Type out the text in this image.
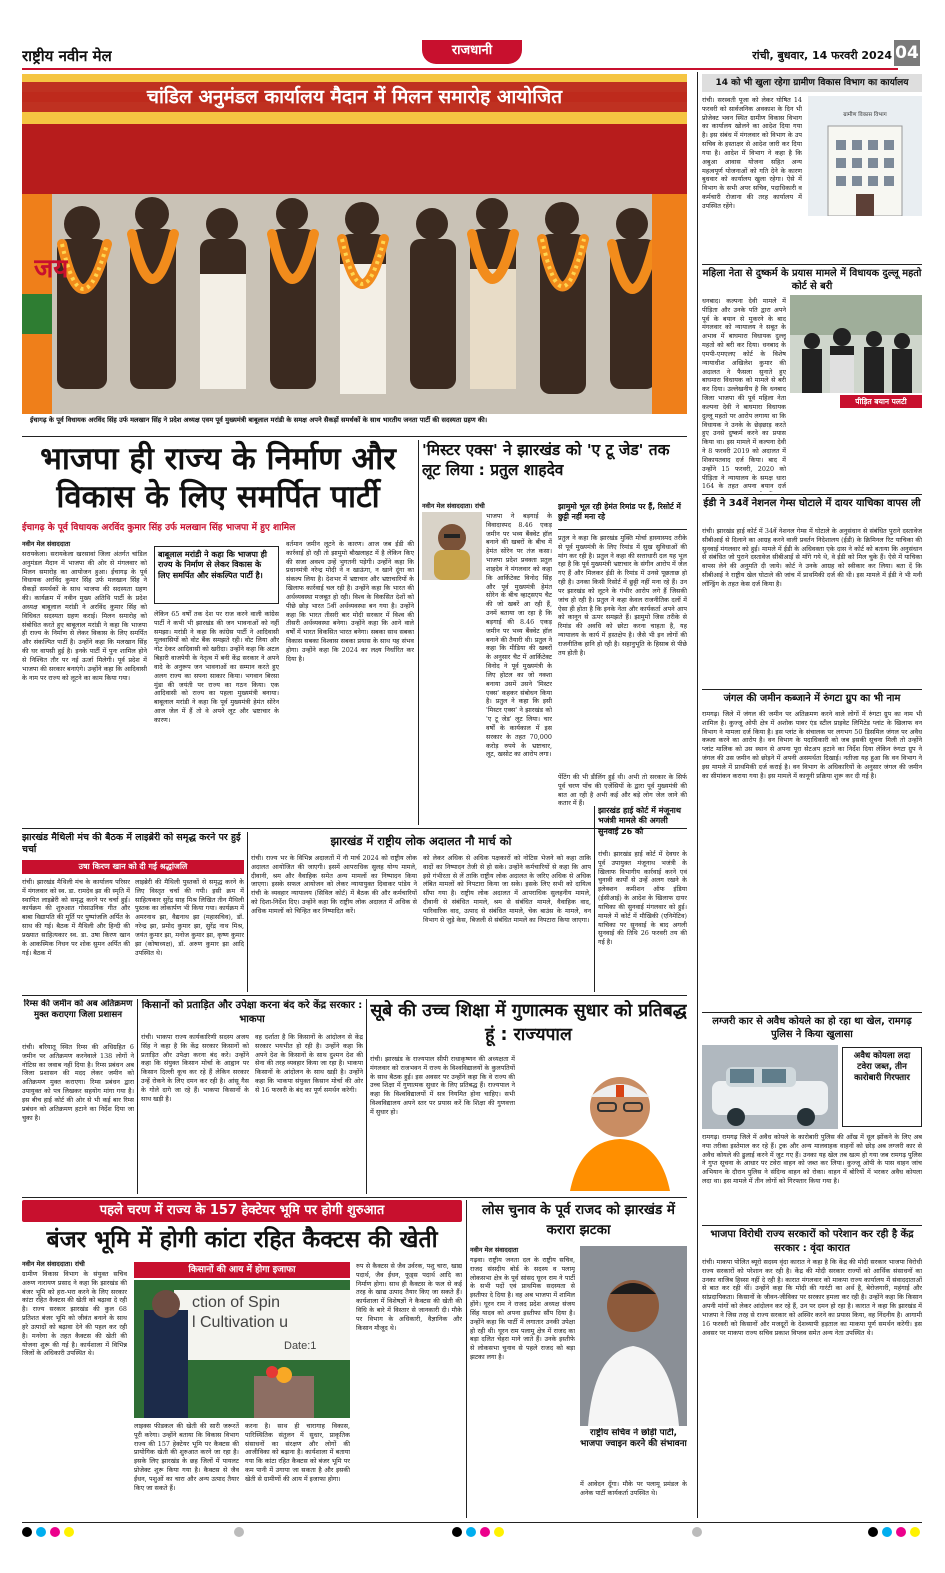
राष्ट्रीय नवीन मेल	राजधानी	रांची, बुधवार, 14 फरवरी 2024 04
जय
चांडिल अनुमंडल कार्यालय मैदान में मिलन समारोह आयोजित
ईचागढ़ के पूर्व विधायक अरविंद सिंह उर्फ मलखान सिंह ने प्रदेश अध्यक्ष एवम पूर्व मुख्यमंत्री बाबूलाल मरांडी के समक्ष अपने सैकड़ों समर्थकों के साथ भारतीय जनता पार्टी की सदस्यता ग्रहण की।
भाजपा ही राज्य के निर्माण और
विकास के लिए समर्पित पार्टी
ईचागढ़ के पूर्व विधायक अरविंद कुमार सिंह उर्फ मलखान सिंह भाजपा में हुए शामिल
नवीन मेल संवाददाता
सरायकेला। सरायकेला खरसावां जिला अंतर्गत चांडिल अनुमंडल मैदान में भाजपा की ओर से मंगलवार को मिलन समारोह का आयोजन हुआ। ईचागढ़ के पूर्व विधायक अरविंद कुमार सिंह उर्फ मलखान सिंह ने सैकड़ों समर्थकों के साथ भाजपा की सदस्यता ग्रहण की। कार्यक्रम में नवीन मुख्य अतिथि पार्टी के प्रदेश अध्यक्ष बाबूलाल मरांडी ने अरविंद कुमार सिंह को विधिवत सदस्यता ग्रहण कराई। मिलन समारोह को संबोधित करते हुए बाबूलाल मरांडी ने कहा कि भाजपा ही राज्य के निर्माण से लेकर विकास के लिए समर्पित और संकल्पित पार्टी है। उन्होंने कहा कि मलखान सिंह की घर वापसी हुई है। इनके पार्टी में पुनः शामिल होने से निश्चित तौर पर नई ऊर्जा मिलेगी। पूर्व प्रदेश में भाजपा की सरकार बनाएंगे। उन्होंने कहा कि आदिवासी के नाम पर राज्य को लूटने का काम किया गया।
बाबूलाल मरांडी ने कहा कि भाजपा ही राज्य के निर्माण से लेकर विकास के लिए समर्पित और संकल्पित पार्टी है।
लेकिन 65 वर्षों तक देश पर राज करने वाली कांग्रेस पार्टी ने कभी भी झारखंड की जन भावनाओं को नहीं समझा। मरांडी ने कहा कि कांग्रेस पार्टी ने आदिवासी मूलवासियों को वोट बैंक समझते रही। वोट लिया और नोट देकर आदिवासी को खरीदा। उन्होंने कहा कि अटल बिहारी वाजपेयी के नेतृत्व में बनी केंद्र सरकार ने अपने वादे के अनुरूप जन भावनाओं का सम्मान करते हुए अलग राज्य का सपना साकार किया। भगवान बिरसा मुंडा की जयंती पर राज्य का गठन किया। एक आदिवासी को राज्य का पहला मुख्यमंत्री बनाया। बाबूलाल मरांडी ने कहा कि पूर्व मुख्यमंत्री हेमंत सोरेन आज जेल में हैं तो वे अपने लूट और भ्रष्टाचार के कारण।
वर्तमान जमीन लूटने के कारण। आज जब ईडी की कार्रवाई हो रही तो झामुमो बौखलाहट में है लेकिन किए की सजा अवश्य उन्हें भुगतनी पड़ेगी। उन्होंने कहा कि प्रधानमंत्री नरेन्द्र मोदी ने न खाऊंगा, न खाने दूंगा का संकल्प लिया है। देशभर में भ्रष्टाचार और भ्रष्टाचारियों के खिलाफ कार्रवाई चल रही है। उन्होंने कहा कि भारत की अर्थव्यवस्था मजबूत हो रही। विश्व के विकसित देशों को पीछे छोड़ भारत 5वीं अर्थव्यवस्था बन गया है। उन्होंने कहा कि भारत तीसरी बार मोदी सरकार में विश्व की तीसरी अर्थव्यवस्था बनेगा। उन्होंने कहा कि आने वाले वर्षों में भारत विकसित भारत बनेगा। सबका साथ सबका विकास सबका विश्वास सबका प्रयास के साथ यह संभव होगा। उन्होंने कहा कि 2024 का लक्ष्य निर्धारित कर दिया है।
'मिस्टर एक्स' ने झारखंड को 'ए टू जेड' तक लूट लिया : प्रतुल शाहदेव
नवीन मेल संवाददाता। रांची
भाजपा ने बड़गाई के विवादास्पद 8.46 एकड़ जमीन पर भव्य बैंक्वेट हॉल बनाने की खबरों के बीच में हेमंत सोरेन पर तंज कसा। भाजपा प्रदेश प्रवक्ता प्रतुल शाहदेव ने मंगलवार को कहा कि आर्किटेक्ट विनोद सिंह और पूर्व मुख्यमंत्री हेमंत सोरेन के बीच व्हाट्सएप चैट की जो खबरें आ रही हैं, उनमें बताया जा रहा है कि बड़गाई की 8.46 एकड़ जमीन पर भव्य बैंक्वेट हॉल बनाने की तैयारी थी। प्रतुल ने कहा कि मीडिया की खबरों के अनुसार चैट में आर्किटेक्ट विनोद ने पूर्व मुख्यमंत्री के लिए होटल का जो नक्शा बनाया उसमें उसने 'मिस्टर एक्स' कहकर संबोधन किया है। प्रतुल ने कहा कि इसी 'मिस्टर एक्स' ने झारखंड को 'ए टू जेड' लूट लिया। चार वर्षों के कार्यकाल में इस सरकार के तहत 70,000 करोड़ रुपये के भ्रष्टाचार, लूट, खसोट का आरोप लगा।
झामुमो भूल रही हेमंत रिमांड पर हैं, रिसोर्ट में छुट्टी नहीं मना रहे
प्रतुल ने कहा कि झारखंड मुक्ति मोर्चा हास्यास्पद तरीके से पूर्व मुख्यमंत्री के लिए रिमांड में सुख सुविधाओं की मांग कर रही है। प्रतुल ने कहा की सत्ताधारी दल यह भूल रहा है कि पूर्व मुख्यमंत्री भ्रष्टाचार के संगीन आरोप में जेल गए हैं और मिलकर ईडी के रिमांड में उनसे पूछताछ हो रही है। उनका किसी रिसोर्ट में छुट्टी नहीं मना रहे हैं। उन पर झारखंड को लूटने के गंभीर आरोप लगे हैं जिसकी जांच हो रही है। प्रतुल ने कहा केवल राजनीतिक दलों में ऐसा ही होता है कि इनके नेता और कार्यकर्ता अपने आप को कानून से ऊपर समझते हैं। झामुमो जिस तरीके से रिमांड की अवधि को छोटा करना चाहता है, यह न्यायालय के कार्य में हस्तक्षेप है। जैसे भी इन लोगों की राजनीतिक हानि हो रही है। सहानुभूति के हिसाब से पीछे तय होती है।
पेंटिंग की भी डीलिंग हुई थी। अभी तो सरकार के सिर्फ पूर्व चरण पाँच की एजेंसियों के द्वारा पूर्व मुख्यमंत्री की बात आ रही है अभी कई और बड़े लोग जेल जाने की कतार में हैं।
झारखंड मैथिली मंच की बैठक में लाइब्रेरी को समृद्ध करने पर हुई चर्चा
उषा किरण खान को दी गई श्रद्धांजलि
रांची। झारखंड मैथिली मंच के कार्यालय परिसर में मंगलवार को स्व. डा. रामदेव झा की स्मृति में स्थापित लाइब्रेरी को समृद्ध करने पर चर्चा हुई। कार्यक्रम की शुरुआत गोसाउनिक गीत और बाबा विद्यापति की मूर्ति पर पुष्पांजलि अर्पित के साथ की गई। बैठक में मैथिली और हिन्दी की प्रख्यात साहित्यकार स्व. डा. उषा किरण खान के आकस्मिक निधन पर शोक सुमन अर्पित की गई। बैठक में
लाइब्रेरी की मैथिली पुस्तकों से समृद्ध करने के लिए विस्तृत चर्चा की गयी। इसी क्रम में साहित्यकार सुरेंद्र साह मिश्र लिखित तीन मैथिली पुस्तक का लोकार्पण भी किया गया। कार्यक्रम में अमरनाथ झा, वैद्यनाथ झा (महासचिव), डॉ. नरेन्द्र झा, प्रमोद कुमार झा, सुरेंद्र नाथ मिश्र, जयंत कुमार झा, मनोज कुमार झा, कृष्ण कुमार झा (कोषाध्यक्ष), डॉ. अरुण कुमार झा आदि उपस्थित थे।
झारखंड में राष्ट्रीय लोक अदालत नौ मार्च को
रांची। राज्य भर के विभिन्न अदालतों में नौ मार्च 2024 को राष्ट्रीय लोक अदालत आयोजित की जाएगी। इसमें आपराधिक सुलह योग्य मामले, दीवानी, श्रम और वैवाहिक समेत अन्य मामलों का निष्पादन किया जाएगा। इसके सफल आयोजन को लेकर न्यायायुक्त दिवाकर पांडेय ने रांची के व्यवहार न्यायालय (सिविल कोर्ट) में बैठक की और कर्मचारियों को दिशा-निर्देश दिए। उन्होंने कहा कि राष्ट्रीय लोक अदालत में अधिक से अधिक मामलों को चिन्हित कर निष्पादित करें।
को लेकर अधिक से अधिक पक्षकारों को नोटिस भेजने को कहा ताकि वादों का निष्पादन तेजी से हो सके। उन्होंने कर्मचारियों से कहा कि आप इसे गंभीरता से लें ताकि राष्ट्रीय लोक अदालत के जरिए अधिक से अधिक लंबित मामलों को निपटारा किया जा सके। इसके लिए सभी को दायित्व सौंपा गया है। राष्ट्रीय लोक अदालत में आपराधिक सुलहनीय मामले, दीवानी से संबंधित मामले, श्रम से संबंधित मामले, वैवाहिक वाद, पारिवारिक वाद, उत्पाद से संबंधित मामले, चेक बाउंस के मामले, वन विभाग से जुड़े केस, बिजली से संबंधित मामले का निपटारा किया जाएगा।
झारखंड हाई कोर्ट में मंजूनाथ भजंत्री मामले की अगली सुनवाई 26 को
रांची। झारखंड हाई कोर्ट में देवघर के पूर्व उपायुक्त मंजूनाथ भजंत्री के खिलाफ विभागीय कार्रवाई करने एवं चुनावी कार्यों से उन्हें अलग रखने के इलेक्शन कमीशन ऑफ इंडिया (ईसीआई) के आदेश के खिलाफ दायर याचिका की सुनवाई मंगलवार को हुई। मामले में कोर्ट में मौखिकी (एनिमेटिव) याचिका पर सुनवाई के बाद अगली सुनवाई की तिथि 26 फरवरी तय की गई है।
रिम्स की जमीन को अब अतिक्रमण मुक्त कराएगा जिला प्रशासन
रांची। बरियातू स्थित रिम्स की अधिग्रहित 6 जमीन पर अतिक्रमण करनेवाले 138 लोगों ने नोटिस का जवाब नहीं दिया है। रिम्स प्रबंधन अब जिला प्रशासन की मदद लेकर जमीन को अतिक्रमण मुक्त कराएगा। रिम्स प्रबंधन द्वारा उपायुक्त को पत्र लिखकर सहयोग मांगा गया है। इस बीच हाई कोर्ट की ओर से भी कई बार रिम्स प्रबंधन को अतिक्रमण हटाने का निर्देश दिया जा चुका है।
किसानों को प्रताड़ित और उपेक्षा करना बंद करे केंद्र सरकार : भाकपा
रांची। भाकपा राज्य कार्यकारिणी सदस्य अजय सिंह ने कहा है कि केंद्र सरकार किसानों को प्रताड़ित और उपेक्षा करना बंद करे। उन्होंने कहा कि संयुक्त किसान मोर्चा के आह्वान पर किसान दिल्ली कूच कर रहे हैं लेकिन सरकार उन्हें रोकने के लिए दमन कर रही है। आंसू गैस के गोले दागे जा रहे हैं। भाकपा किसानों के साथ खड़ी है।
वह दर्शाता है कि किसानों के आंदोलन से केंद्र सरकार भयभीत हो रही है। उन्होंने कहा कि अपने देश के किसानों के साथ दुश्मन देश की सेना की तरह व्यवहार किया जा रहा है। भाकपा किसानों के आंदोलन के साथ खड़ी है। उन्होंने कहा कि भाकपा संयुक्त किसान मोर्चा की ओर से 16 फरवरी के बंद का पूर्ण समर्थन करेगी।
सूबे की उच्च शिक्षा में गुणात्मक सुधार को प्रतिबद्ध हूं : राज्यपाल
रांची। झारखंड के राज्यपाल सीपी राधाकृष्णन की अध्यक्षता में मंगलवार को राजभवन में राज्य के विश्वविद्यालयों के कुलपतियों के साथ बैठक हुई। इस अवसर पर उन्होंने कहा कि वे राज्य की उच्च शिक्षा में गुणात्मक सुधार के लिए प्रतिबद्ध हैं। राज्यपाल ने कहा कि विश्वविद्यालयों में सत्र नियमित होना चाहिए। सभी विश्वविद्यालय अपने स्तर पर प्रयास करें कि शिक्षा की गुणवत्ता में सुधार हो।
पहले चरण में राज्य के 157 हेक्टेयर भूमि पर होगी शुरुआत
बंजर भूमि में होगी कांटा रहित कैक्टस की खेती
नवीन मेल संवाददाता। रांची
ग्रामीण विकास विभाग के संयुक्त सचिव अरुण नारायण प्रसाद ने कहा कि झारखंड की बंजर भूमि को हरा-भरा करने के लिए सरकार कांटा रहित कैक्टस की खेती को बढ़ावा दे रही है। राज्य सरकार झारखंड की कुल 68 प्रतिशत बंजर भूमि को जीवंत बनाने के साथ हरे उत्पादों को बढ़ावा देने की पहल कर रही है। मनरेगा के तहत कैक्टस की खेती की योजना शुरू की गई है। कार्यशाला में विभिन्न जिलों के अधिकारी उपस्थित थे।
किसानों की आय में होगा इजाफा
ction of Spin
l Cultivation u
Date:1
लाइक्स फीडकल की खेती की सारी जरूरतें पूरी करेगा। उन्होंने बताया कि विकास विभाग राज्य की 157 हेक्टेयर भूमि पर कैक्टस की प्रायोगिक खेती की शुरुआत करने जा रहा है। इसके लिए झारखंड के छह जिलों में पायलट प्रोजेक्ट शुरू किया गया है। कैक्टस से जैव ईंधन, पशुओं का चारा और अन्य उत्पाद तैयार किए जा सकते हैं।
करना है। साथ ही चारागाह विकास, पारिस्थितिक संतुलन में सुधार, प्राकृतिक संसाधनों का संरक्षण और लोगों की आजीविका को बढ़ाना है। कार्यशाला में बताया गया कि कांटा रहित कैक्टस को बंजर भूमि पर कम पानी में उगाया जा सकता है और इसकी खेती से ग्रामीणों की आय में इजाफा होगा।
रुप से कैक्टस से जैव उर्वरक, पशु चारा, खाद्य पदार्थ, जैव ईंधन, फूड्स पदार्थ आदि का निर्माण होगा। साथ ही कैक्टस के फल से कई तरह के खाद्य उत्पाद तैयार किए जा सकते हैं। कार्यशाला में विशेषज्ञों ने कैक्टस की खेती की विधि के बारे में विस्तार से जानकारी दी। मौके पर विभाग के अधिकारी, वैज्ञानिक और किसान मौजूद थे।
लोस चुनाव के पूर्व राजद को झारखंड में करारा झटका
नवीन मेल संवाददाता
गढ़वा। राष्ट्रीय जनता दल के राष्ट्रीय सचिव, राजद संसदीय बोर्ड के सदस्य व पलामू लोकसभा क्षेत्र के पूर्व सांसद घूरन राम ने पार्टी के सभी पदों एवं प्राथमिक सदस्यता से इस्तीफा दे दिया है। वह अब भाजपा में शामिल होंगे। घूरन राम ने राजद प्रदेश अध्यक्ष संजय सिंह यादव को अपना इस्तीफा सौंप दिया है। उन्होंने कहा कि पार्टी में लगातार उनकी उपेक्षा हो रही थी। घूरन राम पलामू क्षेत्र में राजद का बड़ा दलित चेहरा माने जाते हैं। उनके इस्तीफे से लोकसभा चुनाव से पहले राजद को बड़ा झटका लगा है।
राष्ट्रीय सचिव ने छोड़ी पार्टी, भाजपा ज्वाइन करने की संभावना
में आवेदन दूँगा। मौके पर पलामू प्रमंडल के अनेक पार्टी कार्यकर्ता उपस्थित थे।
14 को भी खुला रहेगा ग्रामीण विकास विभाग का कार्यालय
रांची। सरस्वती पूजा को लेकर घोषित 14 फरवरी को सार्वजनिक अवकाश के दिन भी प्रोजेक्ट भवन स्थित ग्रामीण विकास विभाग का कार्यालय खोलने का आदेश दिया गया है। इस संबंध में मंगलवार को विभाग के उप सचिव के हस्ताक्षर से आदेश जारी कर दिया गया है। आदेश में विभाग ने कहा है कि अबुआ आवास योजना सहित अन्य महत्वपूर्ण योजनाओं को गति देने के कारण बुधवार को कार्यालय खुला रहेगा। ऐसे में विभाग के सभी अपर सचिव, पदाधिकारी व कर्मचारी रोजाना की तरह कार्यालय में उपस्थित रहेंगे।
ग्रामीण विकास विभाग
महिला नेता से दुष्कर्म के प्रयास मामले में विधायक दुल्लू महतो कोर्ट से बरी
पीड़ित बयान पलटी
धनबाद। कल्पना देवी मामले में पीड़िता और उनके पति द्वारा अपने पूर्व के बयान से मुकरने के बाद मंगलवार को न्यायालय ने सबूत के अभाव में बाघमारा विधायक दुल्लू महतो को बरी कर दिया। धनबाद के एमपी-एमएलए कोर्ट के विशेष न्यायाधीश अखिलेश कुमार की अदालत ने फैसला सुनाते हुए बाघमारा विधायक को मामले से बरी कर दिया। उल्लेखनीय है कि धनबाद जिला भाजपा की पूर्व महिला नेता कल्पना देवी ने बाघमारा विधायक दुल्लू महतो पर आरोप लगाया था कि विधायक ने उनके के छेड़छाड़ करते हुए उनसे दुष्कर्म करने का प्रयास किया था। इस मामले में कल्पना देवी ने 8 फरवरी 2019 को अदालत में शिकायतवाद दर्ज किया। बाद में उन्होंने 15 फरवरी, 2020 को पीड़िता ने न्यायालय के समक्ष धारा 164 के तहत अपना बयान दर्ज
ईडी ने 34वें नेशनल गेम्स घोटाले में दायर याचिका वापस ली
रांची। झारखंड हाई कोर्ट में 34वें नेशनल गेम्स में घोटाले के अनुसंधान से संबंधित पुराने दस्तावेज सीबीआई से दिलाने का आग्रह करने वाली प्रवर्तन निदेशालय (ईडी) के क्रिमिनल रिट याचिका की सुनवाई मंगलवार को हुई। मामले में ईडी के अधिवक्ता एके दास ने कोर्ट को बताया कि अनुसंधान से संबंधित जो पुराने दस्तावेज सीबीआई से माँगे गये थे, वे ईडी को मिल चुके हैं। ऐसे में याचिका वापस लेने की अनुमति दी जाये। कोर्ट ने उनके आग्रह को स्वीकार कर लिया। बता दें कि सीबीआई ने राष्ट्रीय खेल घोटाले की जांच में प्राथमिकी दर्ज की थी। इस मामले में ईडी ने भी मनी लॉन्ड्रिंग के तहत केस दर्ज किया है।
जंगल की जमीन कब्जाने में रुंगटा ग्रुप का भी नाम
रामगढ़। जिले में जंगल की जमीन पर अतिक्रमण करने वाले लोगों में रुंगटा ग्रुप का नाम भी शामिल है। कुज्जू ओपी क्षेत्र में अशोक पावर एंड स्टील प्राइवेट लिमिटेड प्लांट के खिलाफ वन विभाग ने मामला दर्ज किया है। इस प्लांट के संचालक पर लगभग 50 डिसमिल जंगल पर अवैध कब्जा करने का आरोप है। वन विभाग के पदाधिकारी को जब इसकी सूचना मिली तो उन्होंने प्लांट मालिक को उस स्थान से अपना पूरा सेटअप हटाने का निर्देश दिया लेकिन रुंगटा ग्रुप ने जंगल की उस जमीन को छोड़ने में अपनी असमर्थता दिखाई। नतीजा यह हुआ कि वन विभाग ने इस मामले में प्राथमिकी दर्ज कराई है। वन विभाग के अधिकारियों के अनुसार जंगल की जमीन का सीमांकन कराया गया है। इस मामले में कानूनी प्रक्रिया शुरू कर दी गई है।
लग्जरी कार से अवैध कोयले का हो रहा था खेल, रामगढ़ पुलिस ने किया खुलासा
अवैध कोयला लदा टवेरा जब्त, तीन कारोबारी गिरफ्तार
रामगढ़। रामगढ़ जिले में अवैध कोयले के कारोबारी पुलिस की आँख में धूल झोंकने के लिए अब नया तरीका इस्तेमाल कर रहे हैं। ट्रक और अन्य मालवाहक वाहनों को छोड़ अब लग्जरी कार से अवैध कोयले की ढुलाई करने में जुट गए हैं। उनका यह खेल तब खत्म हो गया जब रामगढ़ पुलिस ने गुप्त सूचना के आधार पर टवेरा वाहन को जब्त कर लिया। कुज्जू ओपी के पास वाहन जांच अभियान के दौरान पुलिस ने संदिग्ध वाहन को रोका। वाहन में बोरियों में भरकर अवैध कोयला लदा था। इस मामले में तीन लोगों को गिरफ्तार किया गया है।
भाजपा विरोधी राज्य सरकारों को परेशान कर रही है केंद्र सरकार : वृंदा कारात
रांची। माकपा पोलित ब्यूरो सदस्य वृंदा कारात ने कहा है कि केंद्र की मोदी सरकार भाजपा विरोधी राज्य सरकारों को परेशान कर रही है। केंद्र की मोदी सरकार राज्यों को आर्थिक संसाधनों का उनका वाजिब हिस्सा नहीं दे रही है। कारात मंगलवार को माकपा राज्य कार्यालय में संवाददाताओं से बात कर रही थीं। उन्होंने कहा कि मोदी की गारंटी का अर्थ है, बेरोजगारी, महंगाई और सांप्रदायिकता। किसानों के जीवन-जीविका पर सरकार हमला कर रही है। उन्होंने कहा कि किसान अपनी मांगों को लेकर आंदोलन कर रहे हैं, उन पर दमन हो रहा है। कारात ने कहा कि झारखंड में भाजपा ने जिस तरह से राज्य सरकार को अस्थिर करने का प्रयास किया, वह निंदनीय है। आगामी 16 फरवरी को किसानों और मजदूरों के देशव्यापी हड़ताल का माकपा पूर्ण समर्थन करेगी। इस अवसर पर माकपा राज्य सचिव प्रकाश विप्लव समेत अन्य नेता उपस्थित थे।
